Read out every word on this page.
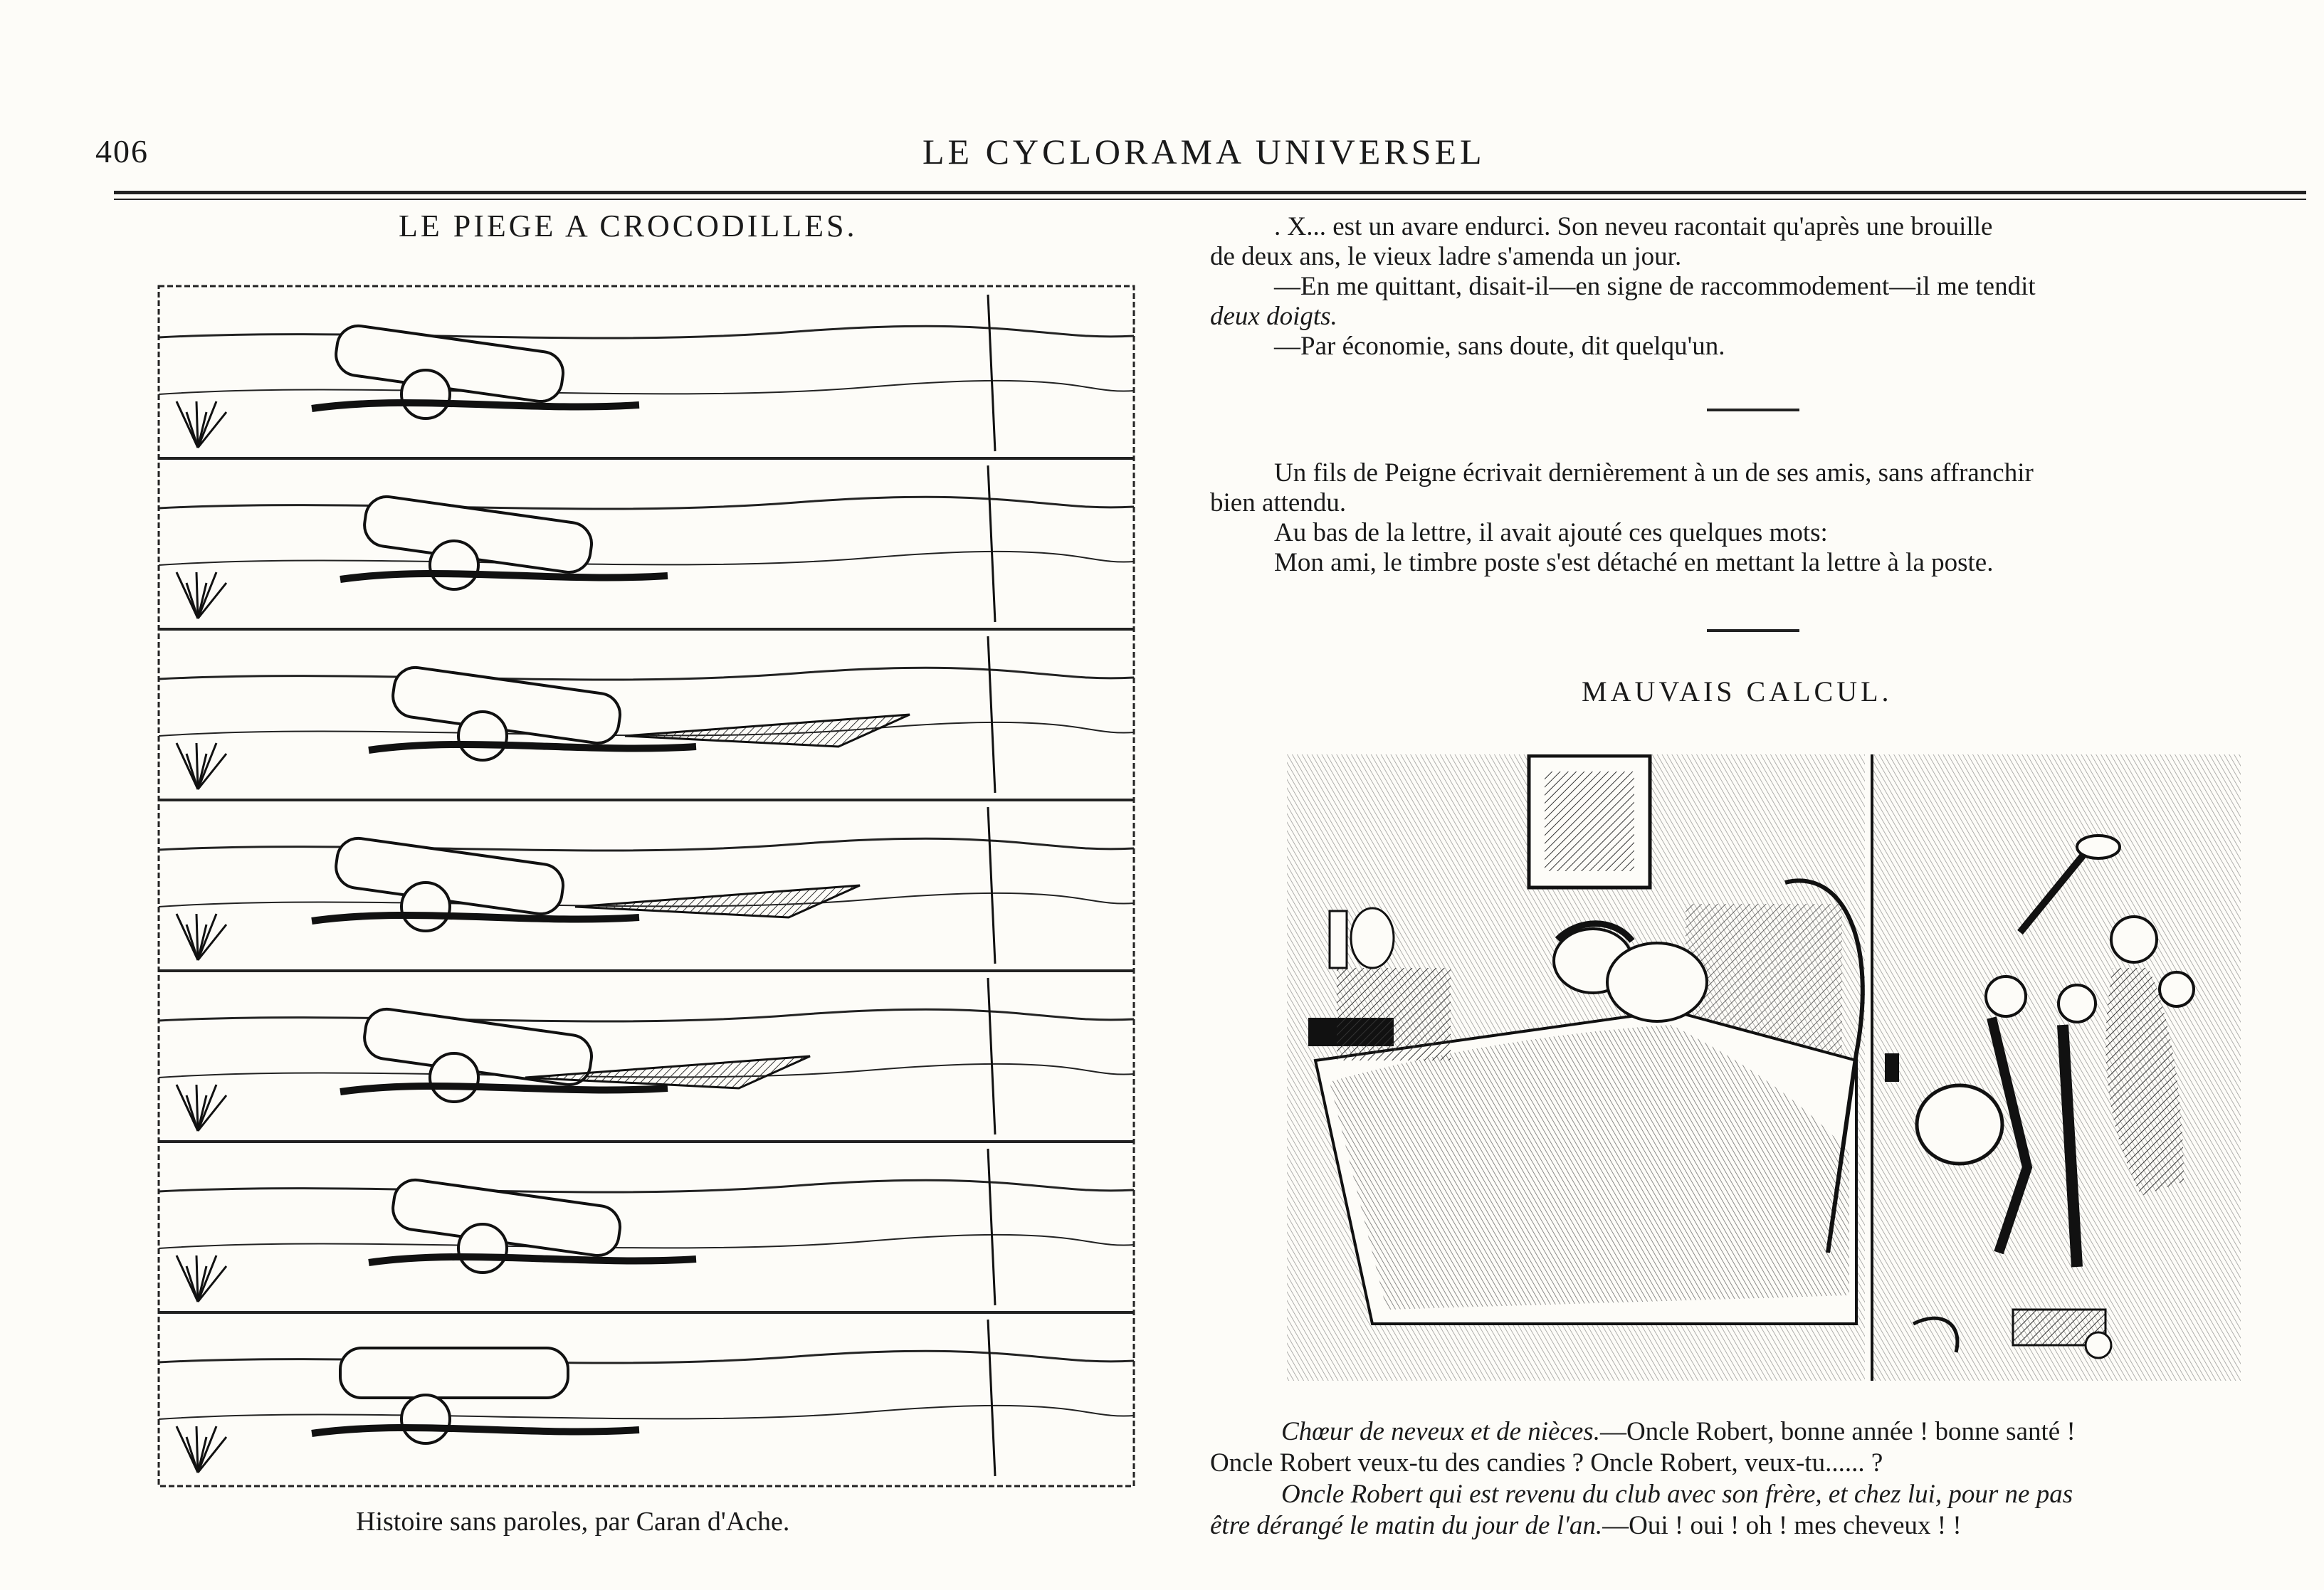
406	LE CYCLORAMA UNIVERSEL
LE PIEGE A CROCODILLES.
Histoire sans paroles, par Caran d'Ache.
. X... est un avare endurci. Son neveu racontait qu'après une brouille
de deux ans, le vieux ladre s'amenda un jour.
—En me quittant, disait-il—en signe de raccommodement—il me tendit
deux doigts.
—Par économie, sans doute, dit quelqu'un.
Un fils de Peigne écrivait dernièrement à un de ses amis, sans affranchir
bien attendu.
Au bas de la lettre, il avait ajouté ces quelques mots:
Mon ami, le timbre poste s'est détaché en mettant la lettre à la poste.
MAUVAIS CALCUL.
Chœur de neveux et de nièces.—Oncle Robert, bonne année ! bonne santé !
Oncle Robert veux-tu des candies ? Oncle Robert, veux-tu...... ?
Oncle Robert qui est revenu du club avec son frère, et chez lui, pour ne pas
être dérangé le matin du jour de l'an.—Oui ! oui ! oh ! mes cheveux ! !
